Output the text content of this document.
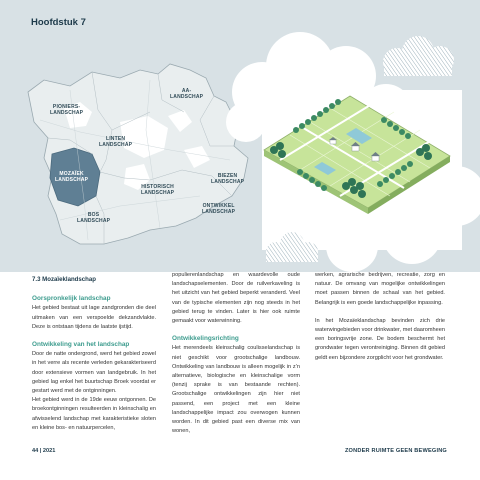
Hoofdstuk 7
PIONIERS-
LANDSCHAP
AA-
LANDSCHAP
LINTEN
LANDSCHAP
MOZAÏEK
LANDSCHAP
HISTORISCH
LANDSCHAP
BIEZEN
LANDSCHAP
ONTWIKKEL
LANDSCHAP
BOS
LANDSCHAP
7.3 Mozaïeklandschap
Oorspronkelijk landschap

Het gebied bestaat uit lage zandgronden die deel uitmaken van een verspoelde dekzandvlakte. Deze is ontstaan tijdens de laatste ijstijd.

Ontwikkeling van het landschap

Door de natte ondergrond, werd het gebied zowel in het verre als recente verleden gekarakteriseerd door extensieve vormen van landgebruik. In het gebied lag enkel het buurtschap Broek voordat er gestart werd met de ontginningen.

Het gebied werd in de 19de eeuw ontgonnen. De broekontginningen resulteerden in kleinschalig en afwisselend landschap met karakteristieke sloten en kleine bos- en natuurpercelen,

populierenlandschap en waardevolle oude landschapselementen. Door de ruilverkaveling is het uitzicht van het gebied beperkt veranderd. Veel van de typische elementen zijn nog steeds in het gebied terug te vinden. Later is hier ook ruimte gemaakt voor waterwinning.

Ontwikkelingsrichting

Het merendeels kleinschalig coulisselandschap is niet geschikt voor grootschalige landbouw. Ontwikkeling van landbouw is alleen mogelijk in z’n alternatieve, biologische en kleinschalige vorm (tenzij sprake is van bestaande rechten). Grootschalige ontwikkelingen zijn hier niet passend, een project met een kleine landschappelijke impact zou overwogen kunnen worden. In dit gebied past een diverse mix van wonen,

werken, agrarische bedrijven, recreatie, zorg en natuur. De omvang van mogelijke ontwikkelingen moet passen binnen de schaal van het gebied. Belangrijk is een goede landschappelijke inpassing.

In het Mozaïeklandschap bevinden zich drie waterwingebieden voor drinkwater, met daaromheen een boringsvrije zone. De bodem beschermt het grondwater tegen verontreiniging. Binnen dit gebied geldt een bijzondere zorgplicht voor het grondwater.

44 | 2021	ZONDER RUIMTE GEEN BEWEGING
